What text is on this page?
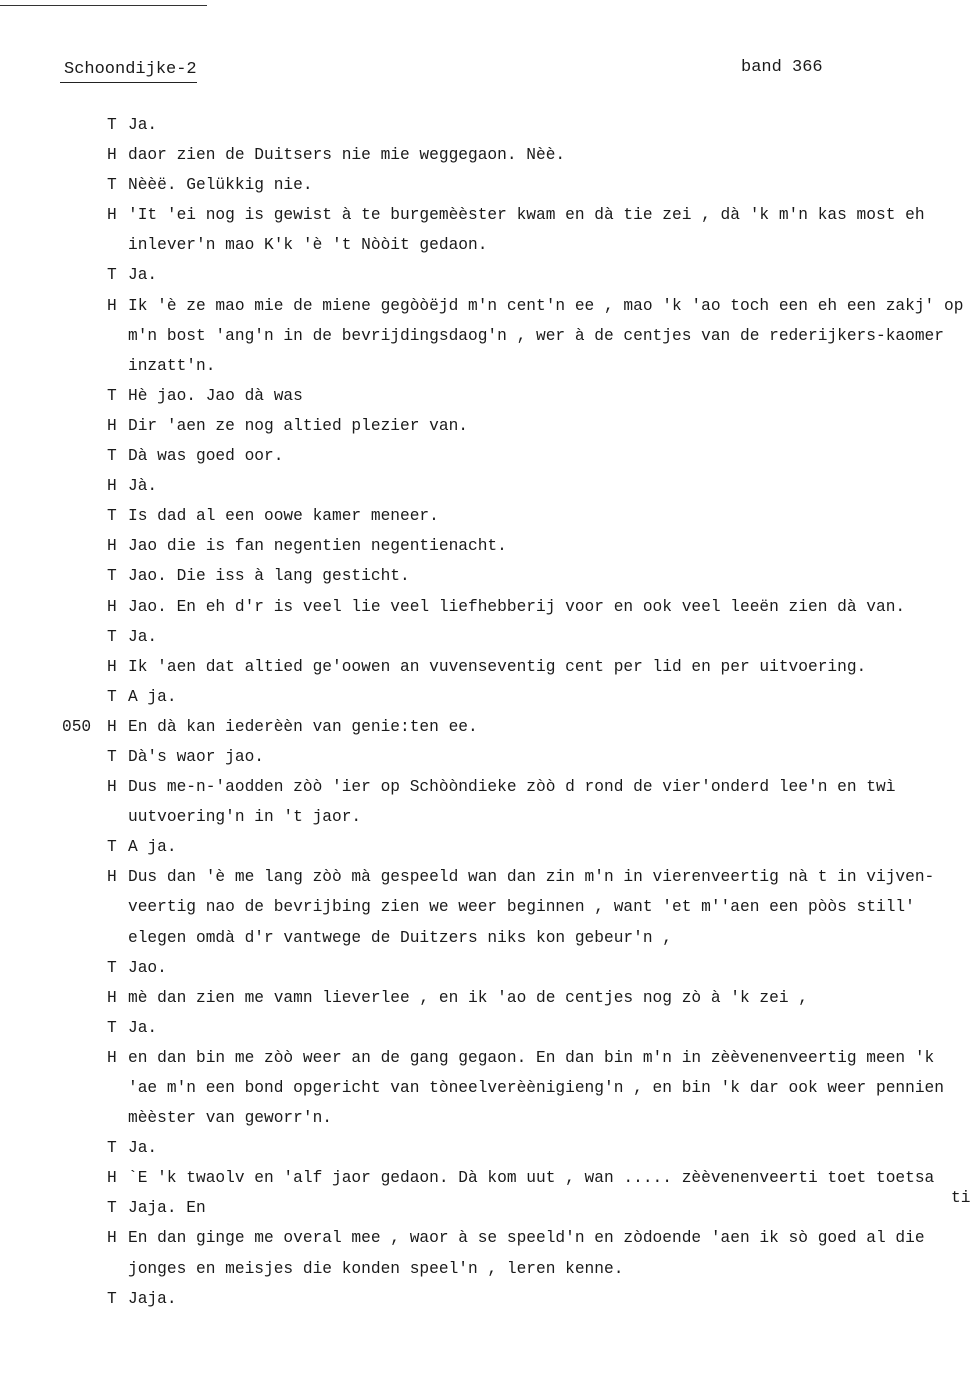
Schoondijke-2	band 366
T Ja.
H daor zien de Duitsers nie mie weggegaon. Nèè.
T Nèèë. Gelükkig nie.
H 'It 'ei nog is gewist à te burgemèèster kwam en dà tie zei , dà 'k m'n kas most eh inlever'n mao K'k 'è 't Nòòit gedaon.
T Ja.
H Ik 'è ze mao mie de miene gegòòëjd m'n cent'n ee , mao 'k 'ao toch een eh een zakj' op m'n bost 'ang'n in de bevrijdingsdaog'n , wer à de centjes van de rederijkers-kaomer inzatt'n.
T Hè jao. Jao dà was
H Dir 'aen ze nog altied plezier van.
T Dà was goed oor.
H Jà.
T Is dad al een oowe kamer meneer.
H Jao die is fan negentien negentienacht.
T Jao. Die iss à lang gesticht.
H Jao. En eh d'r is veel lie veel liefhebberij voor en ook veel leeën zien dà van.
T Ja.
H Ik 'aen dat altied ge'oowen an vuvenseventig cent per lid en per uitvoering.
T A ja.
050 H En dà kan iederèèn van genie:ten ee.
T Dà's waor jao.
H Dus me-n-'aodden zòò 'ier op Schòòndieke zòò d rond de vier'onderd lee'n en twì uutvoering'n in 't jaor.
T A ja.
H Dus dan 'è me lang zòò mà gespeeld wan dan zin m'n in vierenveertig nà t in vijven-veertig nao de bevrijbing zien we weer beginnen , want 'et m''aen een pòòs still' elegen omdà d'r vantwege de Duitzers niks kon gebeur'n ,
T Jao.
H mè dan zien me vamn lieverlee , en ik 'ao de centjes nog zò à 'k zei ,
T Ja.
H en dan bin me zòò weer an de gang gegaon. En dan bin m'n in zèèvenenveertig meen 'k 'ae m'n een bond opgericht van tòneelverèènigieng'n , en bin 'k dar ook weer pennien mèèster van geworr'n.
T Ja.
H `E 'k twaolv en 'alf jaor gedaon. Dà kom uut , wan ..... zèèvenenveerti toet toetsa
T Jaja. En
H En dan ginge me overal mee , waor à se speeld'n en zòdoende 'aen ik sò goed al die jonges en meisjes die konden speel'n , leren kenne.
T Jaja.
ti
